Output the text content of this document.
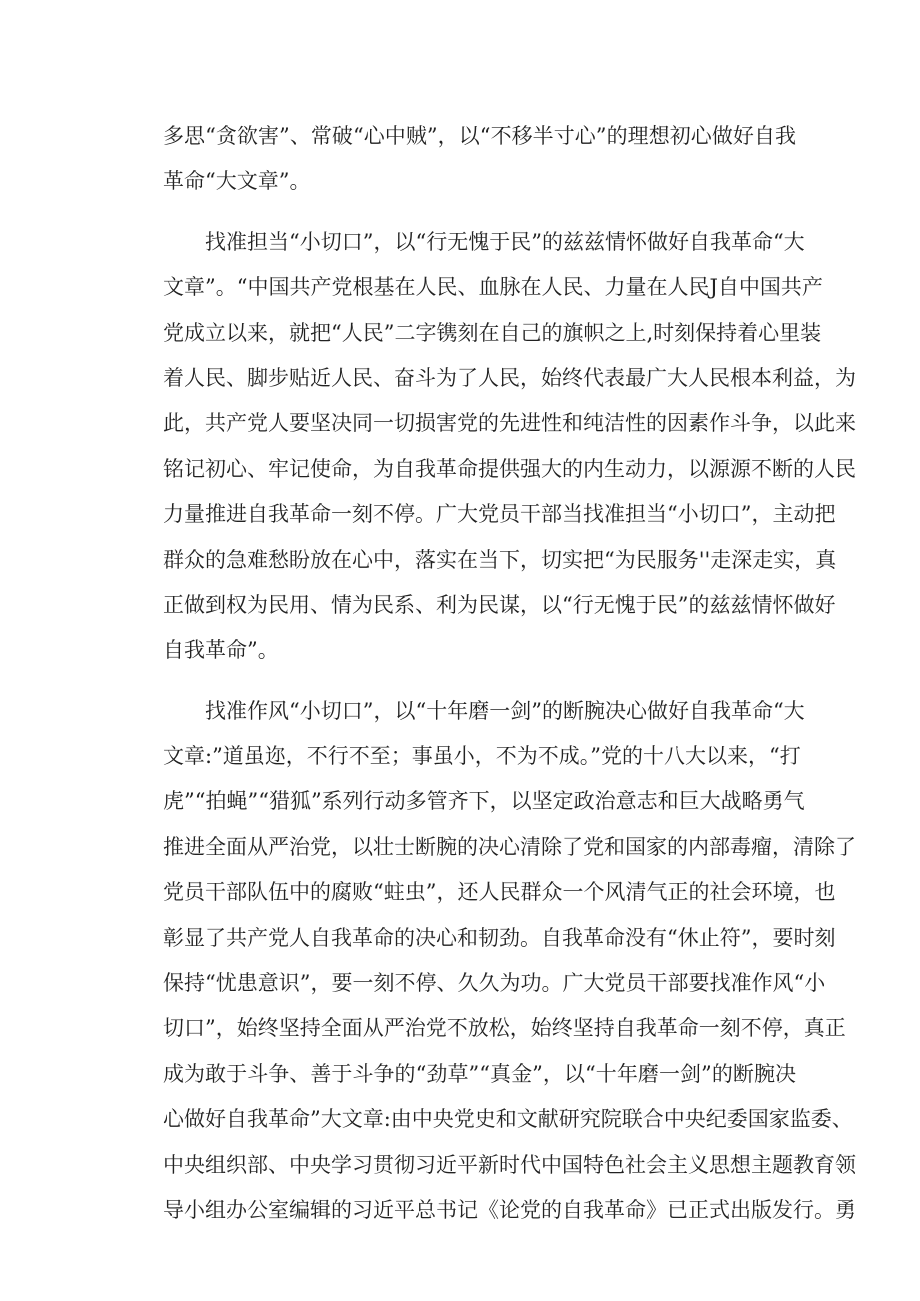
多思“贪欲害”、常破“心中贼”，以“不移半寸心”的理想初心做好自我
革命“大文章”。
找准担当“小切口”，以“行无愧于民”的兹兹情怀做好自我革命“大
文章”。“中国共产党根基在人民、血脉在人民、力量在人民J自中国共产
党成立以来，就把“人民”二字镌刻在自己的旗帜之上,时刻保持着心里装
着人民、脚步贴近人民、奋斗为了人民，始终代表最广大人民根本利益，为
此，共产党人要坚决同一切损害党的先进性和纯洁性的因素作斗争，以此来
铭记初心、牢记使命，为自我革命提供强大的内生动力，以源源不断的人民
力量推进自我革命一刻不停。广大党员干部当找准担当“小切口”，主动把
群众的急难愁盼放在心中，落实在当下，切实把“为民服务''走深走实，真
正做到权为民用、情为民系、利为民谋，以“行无愧于民”的兹兹情怀做好
自我革命”。
找准作风“小切口”，以“十年磨一剑”的断腕决心做好自我革命“大
文章:”道虽迩，不行不至；事虽小，不为不成。”党的十八大以来，“打
虎”“拍蝇”“猎狐”系列行动多管齐下，以坚定政治意志和巨大战略勇气
推进全面从严治党，以壮士断腕的决心清除了党和国家的内部毒瘤，清除了
党员干部队伍中的腐败“蛀虫”，还人民群众一个风清气正的社会环境，也
彰显了共产党人自我革命的决心和韧劲。自我革命没有“休止符”，要时刻
保持“忧患意识”，要一刻不停、久久为功。广大党员干部要找准作风“小
切口”，始终坚持全面从严治党不放松，始终坚持自我革命一刻不停，真正
成为敢于斗争、善于斗争的“劲草”“真金”，以“十年磨一剑”的断腕决
心做好自我革命”大文章:由中央党史和文献研究院联合中央纪委国家监委、
中央组织部、中央学习贯彻习近平新时代中国特色社会主义思想主题教育领
导小组办公室编辑的习近平总书记《论党的自我革命》已正式出版发行。勇
